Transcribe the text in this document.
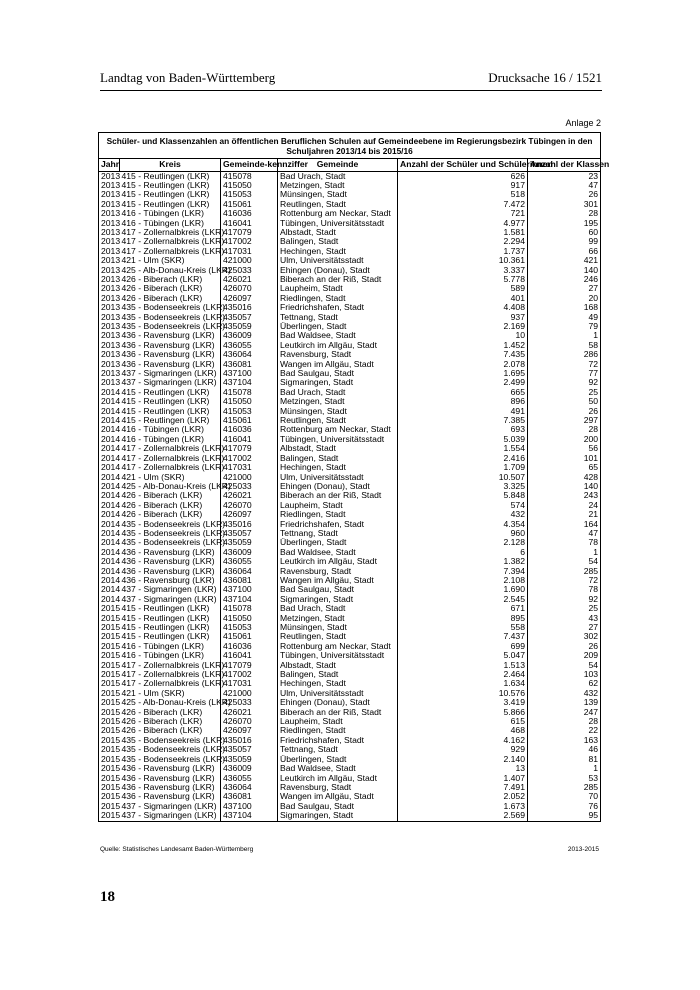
Landtag von Baden-Württemberg	Drucksache 16 / 1521
Anlage 2
Schüler- und Klassenzahlen an öffentlichen Beruflichen Schulen auf Gemeindeebene im Regierungsbezirk Tübingen in den Schuljahren 2013/14 bis 2015/16					
Jahr	Kreis	Gemeinde-kennziffer	Gemeinde	Anzahl der Schüler und Schülerinnen	Anzahl der Klassen
2013	415 - Reutlingen (LKR)	415078	Bad Urach, Stadt	626	23
2013	415 - Reutlingen (LKR)	415050	Metzingen, Stadt	917	47
2013	415 - Reutlingen (LKR)	415053	Münsingen, Stadt	518	26
2013	415 - Reutlingen (LKR)	415061	Reutlingen, Stadt	7.472	301
2013	416 - Tübingen (LKR)	416036	Rottenburg am Neckar, Stadt	721	28
2013	416 - Tübingen (LKR)	416041	Tübingen, Universitätsstadt	4.977	195
2013	417 - Zollernalbkreis (LKR)	417079	Albstadt, Stadt	1.581	60
2013	417 - Zollernalbkreis (LKR)	417002	Balingen, Stadt	2.294	99
2013	417 - Zollernalbkreis (LKR)	417031	Hechingen, Stadt	1.737	66
2013	421 - Ulm (SKR)	421000	Ulm, Universitätsstadt	10.361	421
2013	425 - Alb-Donau-Kreis (LKR)	425033	Ehingen (Donau), Stadt	3.337	140
2013	426 - Biberach (LKR)	426021	Biberach an der Riß, Stadt	5.778	246
2013	426 - Biberach (LKR)	426070	Laupheim, Stadt	589	27
2013	426 - Biberach (LKR)	426097	Riedlingen, Stadt	401	20
2013	435 - Bodenseekreis (LKR)	435016	Friedrichshafen, Stadt	4.408	168
2013	435 - Bodenseekreis (LKR)	435057	Tettnang, Stadt	937	49
2013	435 - Bodenseekreis (LKR)	435059	Überlingen, Stadt	2.169	79
2013	436 - Ravensburg (LKR)	436009	Bad Waldsee, Stadt	10	1
2013	436 - Ravensburg (LKR)	436055	Leutkirch im Allgäu, Stadt	1.452	58
2013	436 - Ravensburg (LKR)	436064	Ravensburg, Stadt	7.435	286
2013	436 - Ravensburg (LKR)	436081	Wangen im Allgäu, Stadt	2.078	72
2013	437 - Sigmaringen (LKR)	437100	Bad Saulgau, Stadt	1.695	77
2013	437 - Sigmaringen (LKR)	437104	Sigmaringen, Stadt	2.499	92
2014	415 - Reutlingen (LKR)	415078	Bad Urach, Stadt	665	25
2014	415 - Reutlingen (LKR)	415050	Metzingen, Stadt	896	50
2014	415 - Reutlingen (LKR)	415053	Münsingen, Stadt	491	26
2014	415 - Reutlingen (LKR)	415061	Reutlingen, Stadt	7.385	297
2014	416 - Tübingen (LKR)	416036	Rottenburg am Neckar, Stadt	693	28
2014	416 - Tübingen (LKR)	416041	Tübingen, Universitätsstadt	5.039	200
2014	417 - Zollernalbkreis (LKR)	417079	Albstadt, Stadt	1.554	56
2014	417 - Zollernalbkreis (LKR)	417002	Balingen, Stadt	2.416	101
2014	417 - Zollernalbkreis (LKR)	417031	Hechingen, Stadt	1.709	65
2014	421 - Ulm (SKR)	421000	Ulm, Universitätsstadt	10.507	428
2014	425 - Alb-Donau-Kreis (LKR)	425033	Ehingen (Donau), Stadt	3.325	140
2014	426 - Biberach (LKR)	426021	Biberach an der Riß, Stadt	5.848	243
2014	426 - Biberach (LKR)	426070	Laupheim, Stadt	574	24
2014	426 - Biberach (LKR)	426097	Riedlingen, Stadt	432	21
2014	435 - Bodenseekreis (LKR)	435016	Friedrichshafen, Stadt	4.354	164
2014	435 - Bodenseekreis (LKR)	435057	Tettnang, Stadt	960	47
2014	435 - Bodenseekreis (LKR)	435059	Überlingen, Stadt	2.128	78
2014	436 - Ravensburg (LKR)	436009	Bad Waldsee, Stadt	6	1
2014	436 - Ravensburg (LKR)	436055	Leutkirch im Allgäu, Stadt	1.382	54
2014	436 - Ravensburg (LKR)	436064	Ravensburg, Stadt	7.394	285
2014	436 - Ravensburg (LKR)	436081	Wangen im Allgäu, Stadt	2.108	72
2014	437 - Sigmaringen (LKR)	437100	Bad Saulgau, Stadt	1.690	78
2014	437 - Sigmaringen (LKR)	437104	Sigmaringen, Stadt	2.545	92
2015	415 - Reutlingen (LKR)	415078	Bad Urach, Stadt	671	25
2015	415 - Reutlingen (LKR)	415050	Metzingen, Stadt	895	43
2015	415 - Reutlingen (LKR)	415053	Münsingen, Stadt	558	27
2015	415 - Reutlingen (LKR)	415061	Reutlingen, Stadt	7.437	302
2015	416 - Tübingen (LKR)	416036	Rottenburg am Neckar, Stadt	699	26
2015	416 - Tübingen (LKR)	416041	Tübingen, Universitätsstadt	5.047	209
2015	417 - Zollernalbkreis (LKR)	417079	Albstadt, Stadt	1.513	54
2015	417 - Zollernalbkreis (LKR)	417002	Balingen, Stadt	2.464	103
2015	417 - Zollernalbkreis (LKR)	417031	Hechingen, Stadt	1.634	62
2015	421 - Ulm (SKR)	421000	Ulm, Universitätsstadt	10.576	432
2015	425 - Alb-Donau-Kreis (LKR)	425033	Ehingen (Donau), Stadt	3.419	139
2015	426 - Biberach (LKR)	426021	Biberach an der Riß, Stadt	5.866	247
2015	426 - Biberach (LKR)	426070	Laupheim, Stadt	615	28
2015	426 - Biberach (LKR)	426097	Riedlingen, Stadt	468	22
2015	435 - Bodenseekreis (LKR)	435016	Friedrichshafen, Stadt	4.162	163
2015	435 - Bodenseekreis (LKR)	435057	Tettnang, Stadt	929	46
2015	435 - Bodenseekreis (LKR)	435059	Überlingen, Stadt	2.140	81
2015	436 - Ravensburg (LKR)	436009	Bad Waldsee, Stadt	13	1
2015	436 - Ravensburg (LKR)	436055	Leutkirch im Allgäu, Stadt	1.407	53
2015	436 - Ravensburg (LKR)	436064	Ravensburg, Stadt	7.491	285
2015	436 - Ravensburg (LKR)	436081	Wangen im Allgäu, Stadt	2.052	70
2015	437 - Sigmaringen (LKR)	437100	Bad Saulgau, Stadt	1.673	76
2015	437 - Sigmaringen (LKR)	437104	Sigmaringen, Stadt	2.569	95
Quelle: Statistisches Landesamt Baden-Württemberg	2013-2015
18
